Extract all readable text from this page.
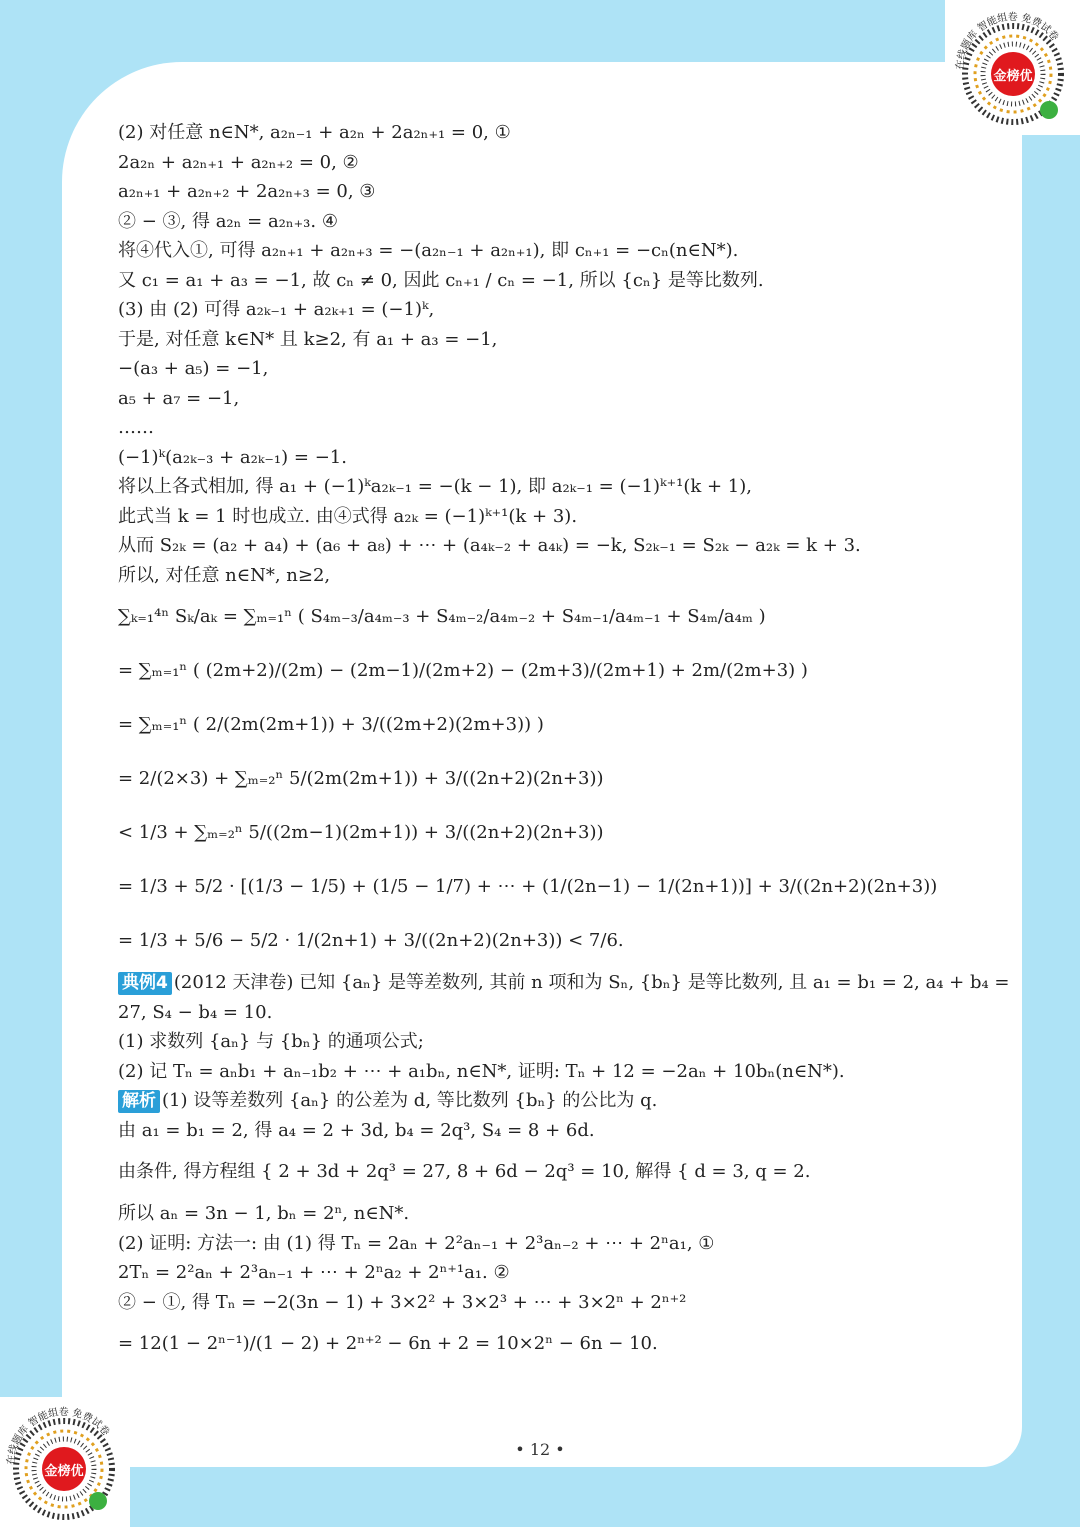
(2) 对任意 n∈N*, a₂ₙ₋₁ + a₂ₙ + 2a₂ₙ₊₁ = 0, ①
2a₂ₙ + a₂ₙ₊₁ + a₂ₙ₊₂ = 0, ②
a₂ₙ₊₁ + a₂ₙ₊₂ + 2a₂ₙ₊₃ = 0, ③
② − ③, 得 a₂ₙ = a₂ₙ₊₃. ④
将④代入①, 可得 a₂ₙ₊₁ + a₂ₙ₊₃ = −(a₂ₙ₋₁ + a₂ₙ₊₁), 即 cₙ₊₁ = −cₙ(n∈N*).
又 c₁ = a₁ + a₃ = −1, 故 cₙ ≠ 0, 因此 cₙ₊₁ / cₙ = −1, 所以 {cₙ} 是等比数列.
(3) 由 (2) 可得 a₂ₖ₋₁ + a₂ₖ₊₁ = (−1)ᵏ,
于是, 对任意 k∈N* 且 k≥2, 有 a₁ + a₃ = −1,
−(a₃ + a₅) = −1,
a₅ + a₇ = −1,
……
(−1)ᵏ(a₂ₖ₋₃ + a₂ₖ₋₁) = −1.
将以上各式相加, 得 a₁ + (−1)ᵏa₂ₖ₋₁ = −(k − 1), 即 a₂ₖ₋₁ = (−1)ᵏ⁺¹(k + 1),
此式当 k = 1 时也成立. 由④式得 a₂ₖ = (−1)ᵏ⁺¹(k + 3).
从而 S₂ₖ = (a₂ + a₄) + (a₆ + a₈) + ⋯ + (a₄ₖ₋₂ + a₄ₖ) = −k, S₂ₖ₋₁ = S₂ₖ − a₂ₖ = k + 3.
所以, 对任意 n∈N*, n≥2,
∑ₖ₌₁⁴ⁿ Sₖ/aₖ = ∑ₘ₌₁ⁿ ( S₄ₘ₋₃/a₄ₘ₋₃ + S₄ₘ₋₂/a₄ₘ₋₂ + S₄ₘ₋₁/a₄ₘ₋₁ + S₄ₘ/a₄ₘ )
= ∑ₘ₌₁ⁿ ( (2m+2)/(2m) − (2m−1)/(2m+2) − (2m+3)/(2m+1) + 2m/(2m+3) )
= ∑ₘ₌₁ⁿ ( 2/(2m(2m+1)) + 3/((2m+2)(2m+3)) )
= 2/(2×3) + ∑ₘ₌₂ⁿ 5/(2m(2m+1)) + 3/((2n+2)(2n+3))
< 1/3 + ∑ₘ₌₂ⁿ 5/((2m−1)(2m+1)) + 3/((2n+2)(2n+3))
= 1/3 + 5/2 · [(1/3 − 1/5) + (1/5 − 1/7) + ⋯ + (1/(2n−1) − 1/(2n+1))] + 3/((2n+2)(2n+3))
= 1/3 + 5/6 − 5/2 · 1/(2n+1) + 3/((2n+2)(2n+3)) < 7/6.
典例4 (2012 天津卷) 已知 {aₙ} 是等差数列, 其前 n 项和为 Sₙ, {bₙ} 是等比数列, 且 a₁ = b₁ = 2, a₄ + b₄ =
27, S₄ − b₄ = 10.
(1) 求数列 {aₙ} 与 {bₙ} 的通项公式;
(2) 记 Tₙ = aₙb₁ + aₙ₋₁b₂ + ⋯ + a₁bₙ, n∈N*, 证明: Tₙ + 12 = −2aₙ + 10bₙ(n∈N*).
解析 (1) 设等差数列 {aₙ} 的公差为 d, 等比数列 {bₙ} 的公比为 q.
由 a₁ = b₁ = 2, 得 a₄ = 2 + 3d, b₄ = 2q³, S₄ = 8 + 6d.
由条件, 得方程组 { 2 + 3d + 2q³ = 27, 8 + 6d − 2q³ = 10, 解得 { d = 3, q = 2.
所以 aₙ = 3n − 1, bₙ = 2ⁿ, n∈N*.
(2) 证明: 方法一: 由 (1) 得 Tₙ = 2aₙ + 2²aₙ₋₁ + 2³aₙ₋₂ + ⋯ + 2ⁿa₁, ①
2Tₙ = 2²aₙ + 2³aₙ₋₁ + ⋯ + 2ⁿa₂ + 2ⁿ⁺¹a₁. ②
② − ①, 得 Tₙ = −2(3n − 1) + 3×2² + 3×2³ + ⋯ + 3×2ⁿ + 2ⁿ⁺²
= 12(1 − 2ⁿ⁻¹)/(1 − 2) + 2ⁿ⁺² − 6n + 2 = 10×2ⁿ − 6n − 10.
• 12 •
在线题库 智能组卷 免费试卷
金榜优
在线题库 智能组卷 免费试卷
金榜优
